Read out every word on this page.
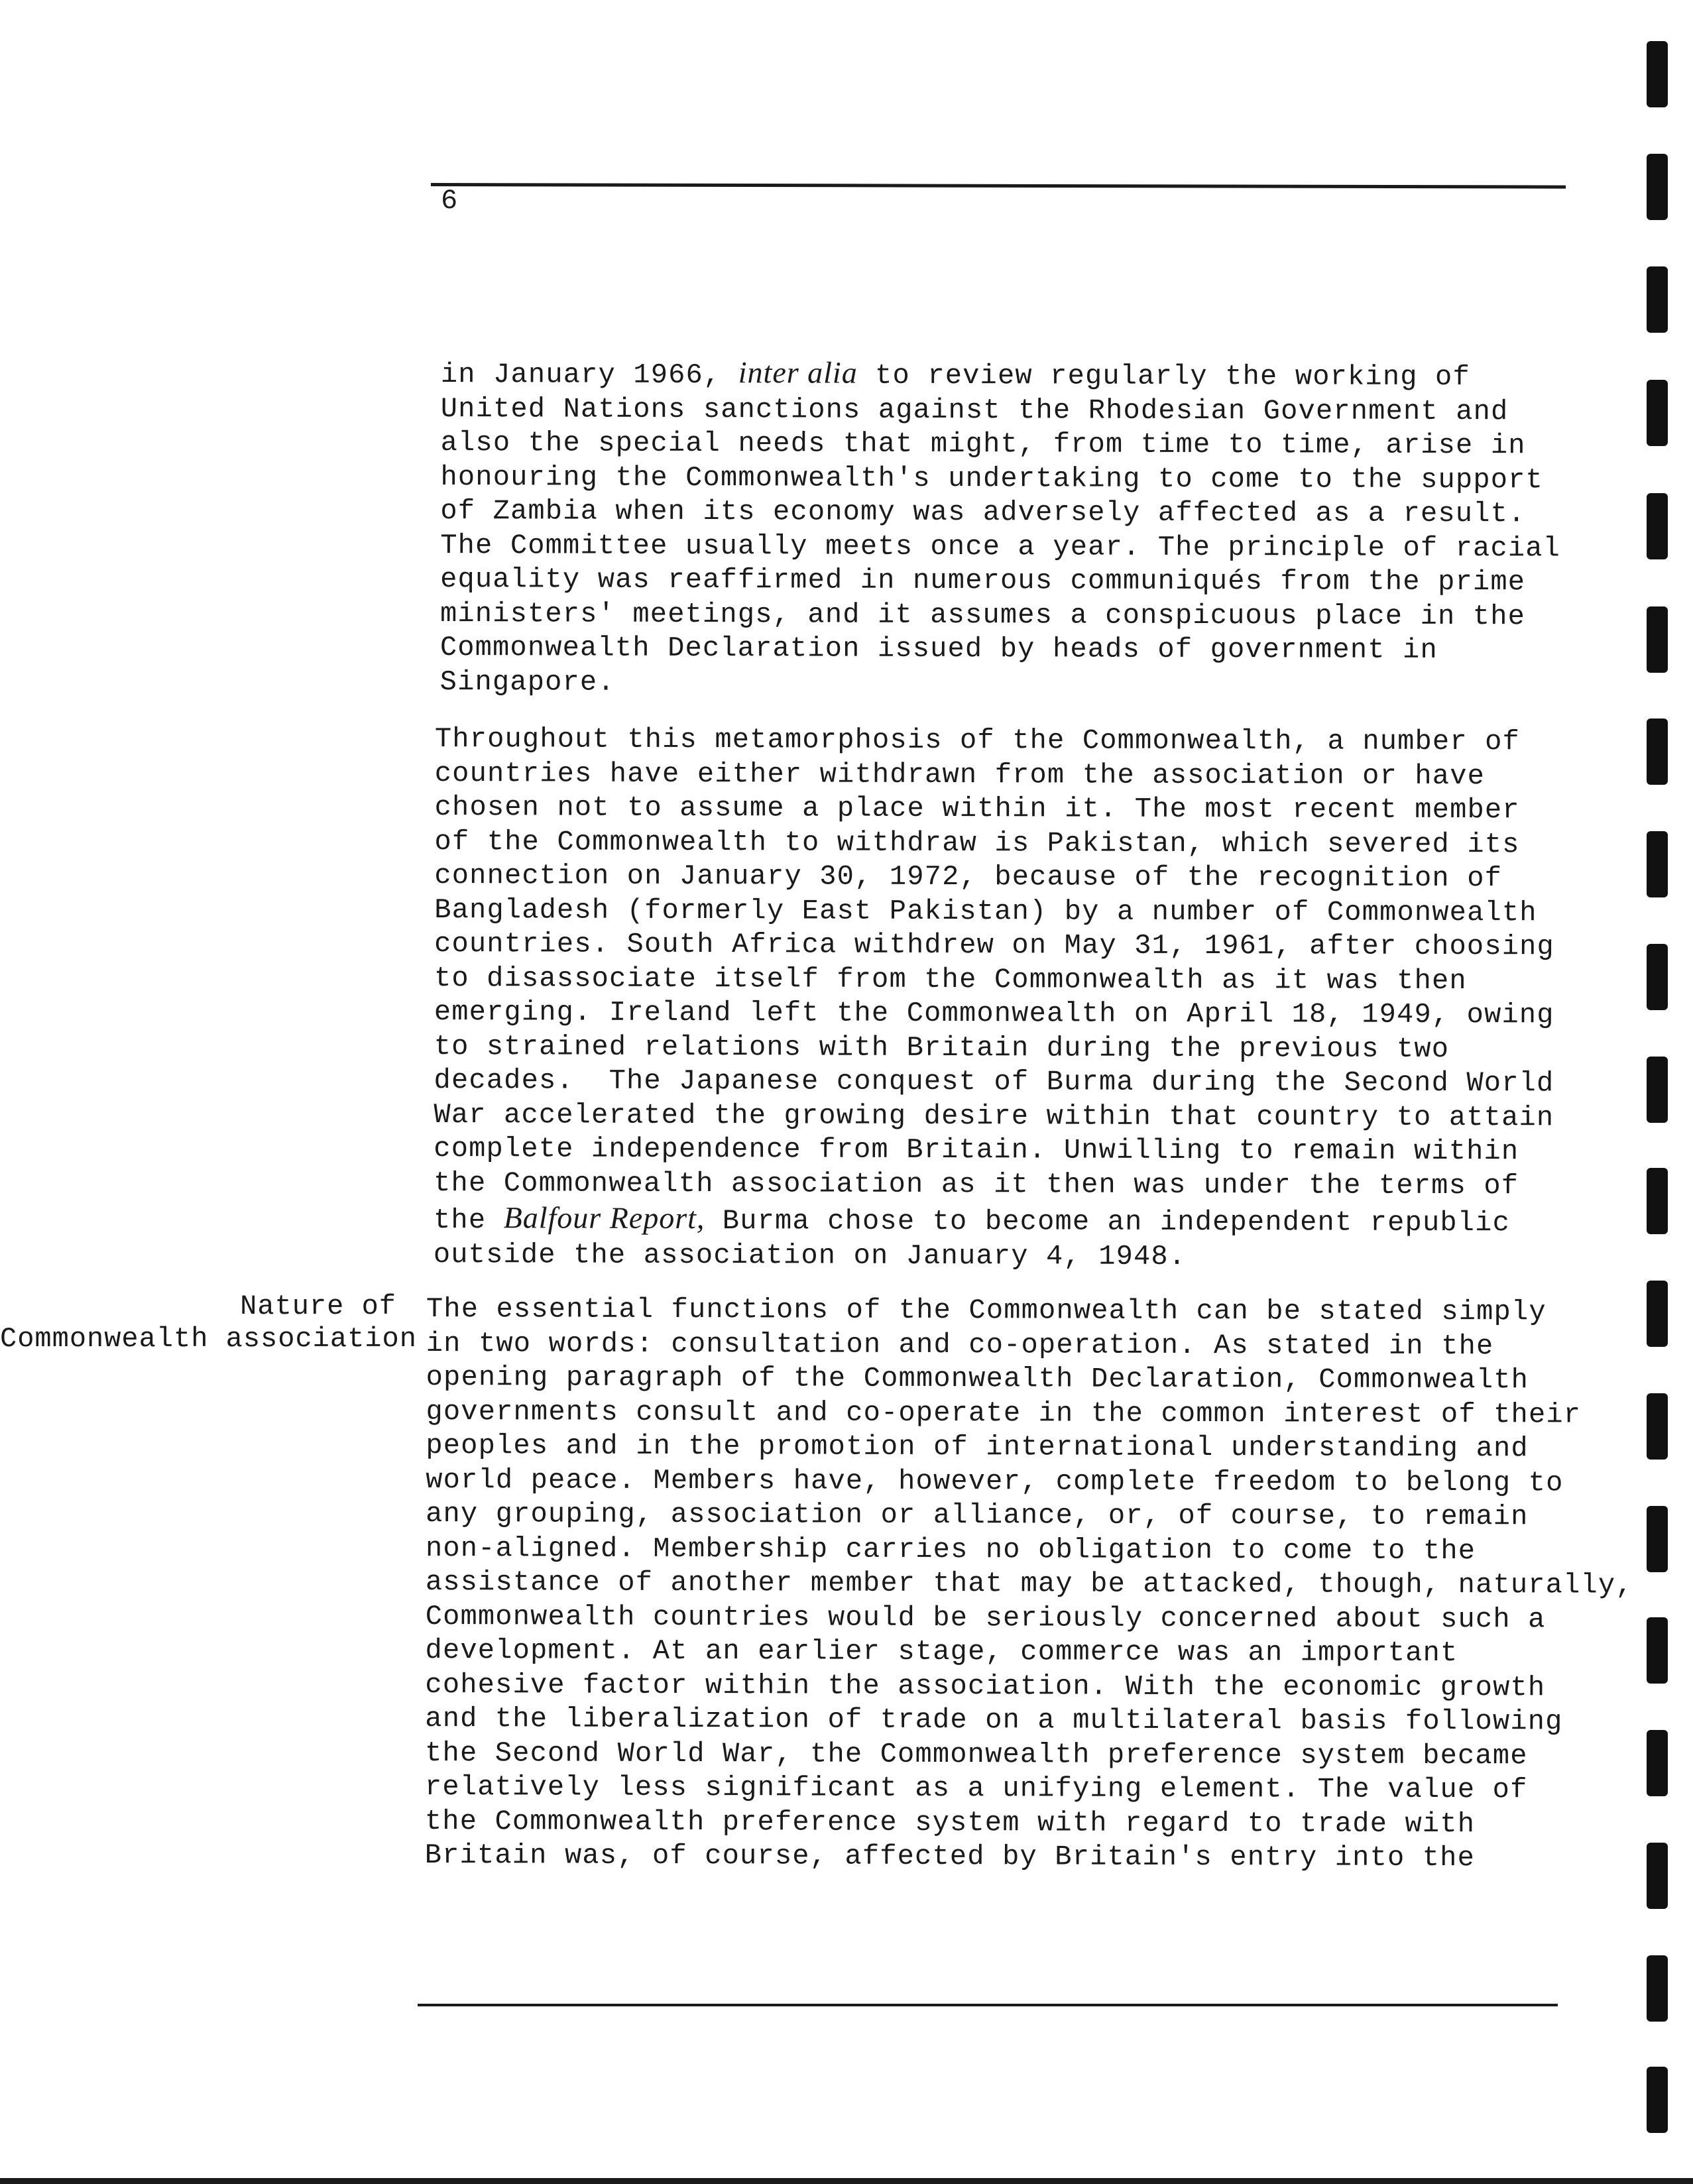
6
Nature of
Commonwealth association
in January 1966, inter alia to review regularly the working of
United Nations sanctions against the Rhodesian Government and
also the special needs that might, from time to time, arise in
honouring the Commonwealth's undertaking to come to the support
of Zambia when its economy was adversely affected as a result.
The Committee usually meets once a year. The principle of racial
equality was reaffirmed in numerous communiqués from the prime
ministers' meetings, and it assumes a conspicuous place in the
Commonwealth Declaration issued by heads of government in
Singapore.
Throughout this metamorphosis of the Commonwealth, a number of
countries have either withdrawn from the association or have
chosen not to assume a place within it. The most recent member
of the Commonwealth to withdraw is Pakistan, which severed its
connection on January 30, 1972, because of the recognition of
Bangladesh (formerly East Pakistan) by a number of Commonwealth
countries. South Africa withdrew on May 31, 1961, after choosing
to disassociate itself from the Commonwealth as it was then
emerging. Ireland left the Commonwealth on April 18, 1949, owing
to strained relations with Britain during the previous two
decades.  The Japanese conquest of Burma during the Second World
War accelerated the growing desire within that country to attain
complete independence from Britain. Unwilling to remain within
the Commonwealth association as it then was under the terms of
the Balfour Report, Burma chose to become an independent republic
outside the association on January 4, 1948.
The essential functions of the Commonwealth can be stated simply
in two words: consultation and co-operation. As stated in the
opening paragraph of the Commonwealth Declaration, Commonwealth
governments consult and co-operate in the common interest of their
peoples and in the promotion of international understanding and
world peace. Members have, however, complete freedom to belong to
any grouping, association or alliance, or, of course, to remain
non-aligned. Membership carries no obligation to come to the
assistance of another member that may be attacked, though, naturally,
Commonwealth countries would be seriously concerned about such a
development. At an earlier stage, commerce was an important
cohesive factor within the association. With the economic growth
and the liberalization of trade on a multilateral basis following
the Second World War, the Commonwealth preference system became
relatively less significant as a unifying element. The value of
the Commonwealth preference system with regard to trade with
Britain was, of course, affected by Britain's entry into the
